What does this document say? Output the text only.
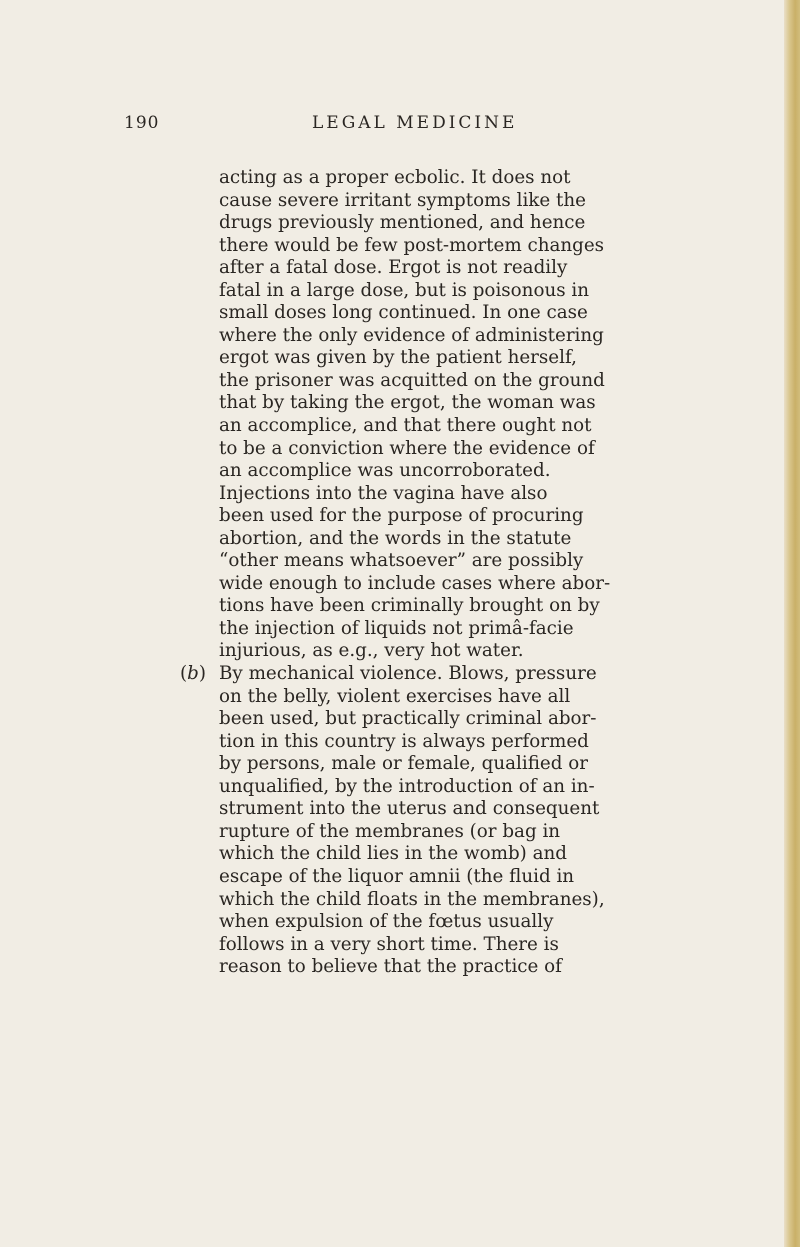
190	LEGAL MEDICINE
acting as a proper ecbolic. It does not
cause severe irritant symptoms like the
drugs previously mentioned, and hence
there would be few post-mortem changes
after a fatal dose. Ergot is not readily
fatal in a large dose, but is poisonous in
small doses long continued. In one case
where the only evidence of administering
ergot was given by the patient herself,
the prisoner was acquitted on the ground
that by taking the ergot, the woman was
an accomplice, and that there ought not
to be a conviction where the evidence of
an accomplice was uncorroborated.
Injections into the vagina have also
been used for the purpose of procuring
abortion, and the words in the statute
“other means whatsoever” are possibly
wide enough to include cases where abor-
tions have been criminally brought on by
the injection of liquids not primâ-facie
injurious, as e.g., very hot water.
(b) By mechanical violence. Blows, pressure
on the belly, violent exercises have all
been used, but practically criminal abor-
tion in this country is always performed
by persons, male or female, qualified or
unqualified, by the introduction of an in-
strument into the uterus and consequent
rupture of the membranes (or bag in
which the child lies in the womb) and
escape of the liquor amnii (the fluid in
which the child floats in the membranes),
when expulsion of the fœtus usually
follows in a very short time. There is
reason to believe that the practice of
